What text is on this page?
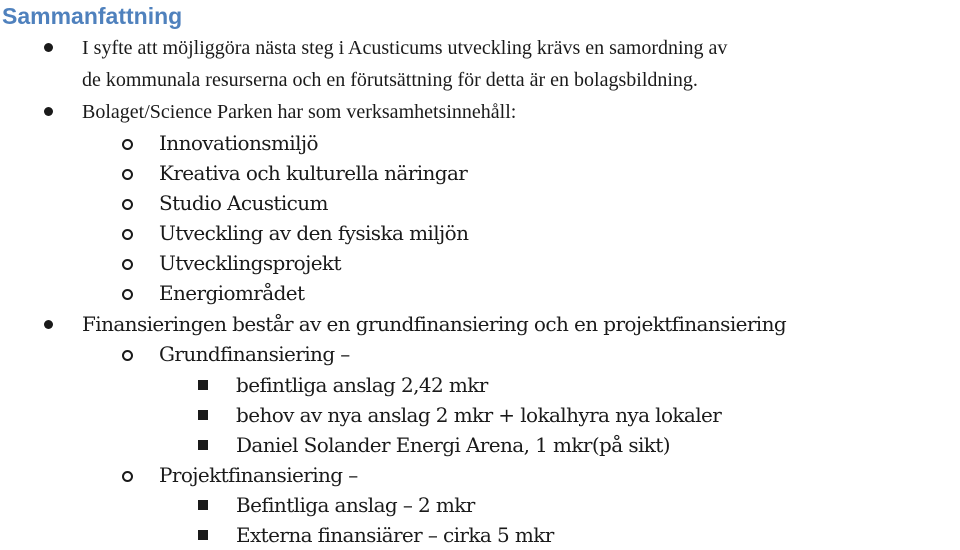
Sammanfattning
I syfte att möjliggöra nästa steg i Acusticums utveckling krävs en samordning av
de kommunala resurserna och en förutsättning för detta är en bolagsbildning.
Bolaget/Science Parken har som verksamhetsinnehåll:
Innovationsmiljö
Kreativa och kulturella näringar
Studio Acusticum
Utveckling av den fysiska miljön
Utvecklingsprojekt
Energiområdet
Finansieringen består av en grundfinansiering och en projektfinansiering
Grundfinansiering –
befintliga anslag 2,42 mkr
behov av nya anslag 2 mkr + lokalhyra nya lokaler
Daniel Solander Energi Arena, 1 mkr(på sikt)
Projektfinansiering –
Befintliga anslag – 2 mkr
Externa finansiärer – cirka 5 mkr
